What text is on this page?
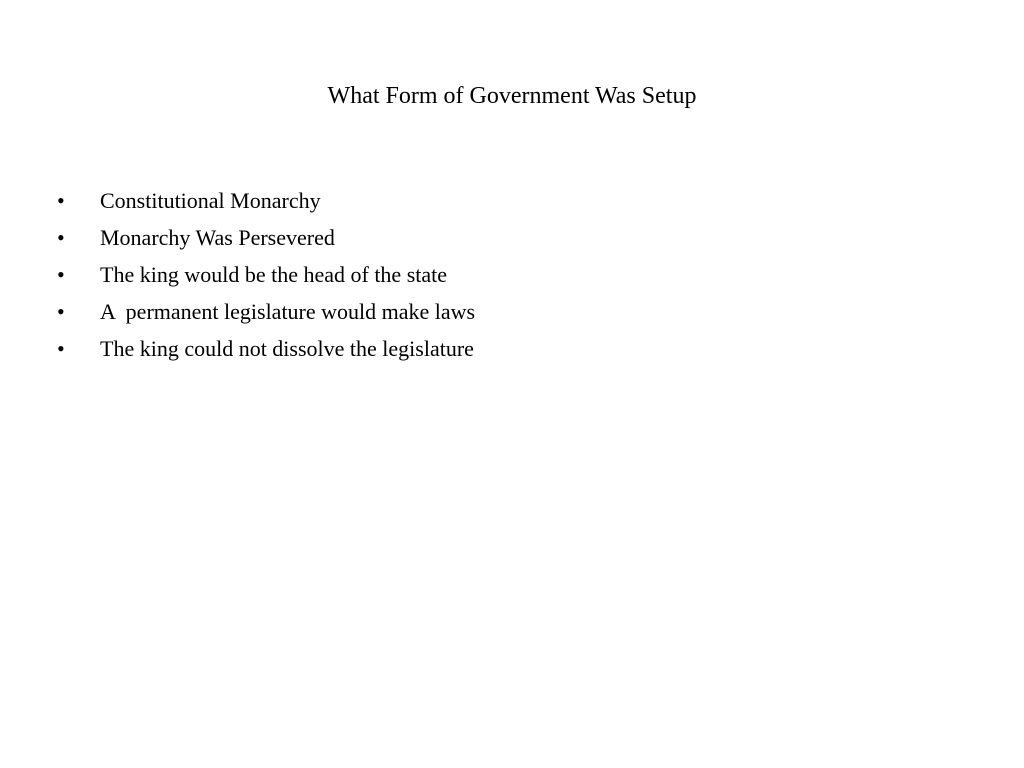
What Form of Government Was Setup
•	Constitutional Monarchy
•	Monarchy Was Persevered
•	The king would be the head of the state
•	A  permanent legislature would make laws
•	The king could not dissolve the legislature
